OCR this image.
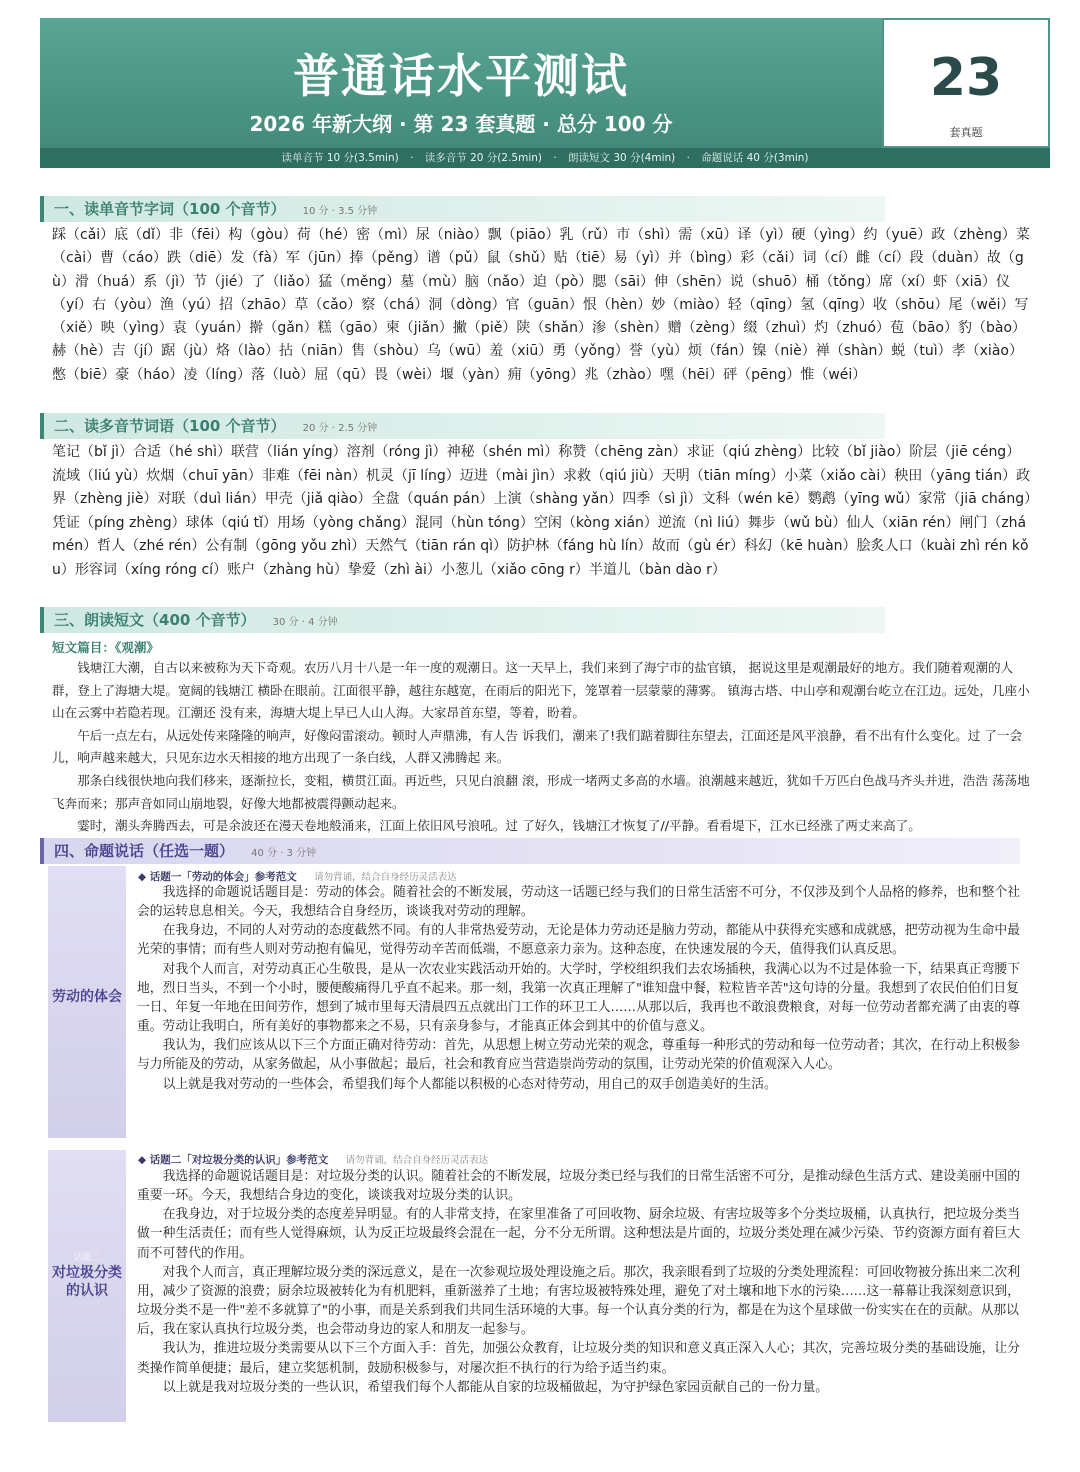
普通话水平测试
2026 年新大纲 · 第 23 套真题 · 总分 100 分
23
套真题
读单音节 10 分(3.5min) · 读多音节 20 分(2.5min) · 朗读短文 30 分(4min) · 命题说话 40 分(3min)
一、读单音节字词（100 个音节） 10 分 · 3.5 分钟
踩（cǎi）底（dǐ）非（fēi）构（gòu）荷（hé）密（mì）尿（niào）飘（piāo）乳（rǔ）市（shì）需（xū）译（yì）硬（yìng）约（yuē）政（zhèng）菜（cài）曹（cáo）跌（diē）发（fà）军（jūn）捧（pěng）谱（pǔ）鼠（shǔ）贴（tiē）易（yì）并（bìng）彩（cǎi）词（cí）雌（cí）段（duàn）故（gù）滑（huá）系（jì）节（jié）了（liǎo）猛（měng）墓（mù）脑（nǎo）迫（pò）腮（sāi）伸（shēn）说（shuō）桶（tǒng）席（xí）虾（xiā）仪（yí）右（yòu）渔（yú）招（zhāo）草（cǎo）察（chá）洞（dòng）官（guān）恨（hèn）妙（miào）轻（qīng）氢（qīng）收（shōu）尾（wěi）写（xiě）映（yìng）袁（yuán）擀（gǎn）糕（gāo）柬（jiǎn）撇（piě）陕（shǎn）渗（shèn）赠（zèng）缀（zhuì）灼（zhuó）苞（bāo）豹（bào）赫（hè）吉（jí）踞（jù）烙（lào）拈（niān）售（shòu）乌（wū）羞（xiū）勇（yǒng）誉（yù）烦（fán）镍（niè）禅（shàn）蜕（tuì）孝（xiào）憋（biē）豪（háo）凌（líng）落（luò）屈（qū）畏（wèi）堰（yàn）痈（yōng）兆（zhào）嘿（hēi）砰（pēng）惟（wéi）
二、读多音节词语（100 个音节） 20 分 · 2.5 分钟
笔记（bǐ jì）合适（hé shì）联营（lián yíng）溶剂（róng jì）神秘（shén mì）称赞（chēng zàn）求证（qiú zhèng）比较（bǐ jiào）阶层（jiē céng）流域（liú yù）炊烟（chuī yān）非难（fēi nàn）机灵（jī líng）迈进（mài jìn）求救（qiú jiù）天明（tiān míng）小菜（xiǎo cài）秧田（yāng tián）政界（zhèng jiè）对联（duì lián）甲壳（jiǎ qiào）全盘（quán pán）上演（shàng yǎn）四季（sì jì）文科（wén kē）鹦鹉（yīng wǔ）家常（jiā cháng）凭证（píng zhèng）球体（qiú tǐ）用场（yòng chǎng）混同（hùn tóng）空闲（kòng xián）逆流（nì liú）舞步（wǔ bù）仙人（xiān rén）闸门（zhá mén）哲人（zhé rén）公有制（gōng yǒu zhì）天然气（tiān rán qì）防护林（fáng hù lín）故而（gù ér）科幻（kē huàn）脍炙人口（kuài zhì rén kǒu）形容词（xíng róng cí）账户（zhàng hù）挚爱（zhì ài）小葱儿（xiǎo cōng r）半道儿（bàn dào r）
三、朗读短文（400 个音节） 30 分 · 4 分钟
短文篇目：《观潮》

钱塘江大潮，自古以来被称为天下奇观。农历八月十八是一年一度的观潮日。这一天早上，我们来到了海宁市的盐官镇， 据说这里是观潮最好的地方。我们随着观潮的人群，登上了海塘大堤。宽阔的钱塘江 横卧在眼前。江面很平静，越往东越宽，在雨后的阳光下，笼罩着一层蒙蒙的薄雾。 镇海古塔、中山亭和观潮台屹立在江边。远处，几座小山在云雾中若隐若现。江潮还 没有来，海塘大堤上早已人山人海。大家昂首东望，等着，盼着。

午后一点左右，从远处传来隆隆的响声，好像闷雷滚动。顿时人声鼎沸，有人告 诉我们，潮来了!我们踮着脚往东望去，江面还是风平浪静，看不出有什么变化。过 了一会儿，响声越来越大，只见东边水天相接的地方出现了一条白线，人群又沸腾起 来。

那条白线很快地向我们移来，逐渐拉长，变粗，横贯江面。再近些，只见白浪翻 滚，形成一堵两丈多高的水墙。浪潮越来越近，犹如千万匹白色战马齐头并进，浩浩 荡荡地飞奔而来；那声音如同山崩地裂，好像大地都被震得颤动起来。

霎时，潮头奔腾西去，可是余波还在漫天卷地般涌来，江面上依旧风号浪吼。过 了好久，钱塘江才恢复了//平静。看看堤下，江水已经涨了两丈来高了。

四、命题说话（任选一题） 40 分 · 3 分钟
劳动的体会
◆ 话题一「劳动的体会」参考范文 请勿背诵，结合自身经历灵活表达

我选择的命题说话题目是：劳动的体会。随着社会的不断发展，劳动这一话题已经与我们的日常生活密不可分，不仅涉及到个人品格的修养，也和整个社会的运转息息相关。今天，我想结合自身经历，谈谈我对劳动的理解。

在我身边，不同的人对劳动的态度截然不同。有的人非常热爱劳动，无论是体力劳动还是脑力劳动，都能从中获得充实感和成就感，把劳动视为生命中最光荣的事情；而有些人则对劳动抱有偏见，觉得劳动辛苦而低端，不愿意亲力亲为。这种态度，在快速发展的今天，值得我们认真反思。

对我个人而言，对劳动真正心生敬畏，是从一次农业实践活动开始的。大学时，学校组织我们去农场插秧，我满心以为不过是体验一下，结果真正弯腰下地，烈日当头，不到一个小时，腰便酸痛得几乎直不起来。那一刻，我第一次真正理解了"谁知盘中餐，粒粒皆辛苦"这句诗的分量。我想到了农民伯伯们日复一日、年复一年地在田间劳作，想到了城市里每天清晨四五点就出门工作的环卫工人……从那以后，我再也不敢浪费粮食，对每一位劳动者都充满了由衷的尊重。劳动让我明白，所有美好的事物都来之不易，只有亲身参与，才能真正体会到其中的价值与意义。

我认为，我们应该从以下三个方面正确对待劳动：首先，从思想上树立劳动光荣的观念，尊重每一种形式的劳动和每一位劳动者；其次，在行动上积极参与力所能及的劳动，从家务做起，从小事做起；最后，社会和教育应当营造崇尚劳动的氛围，让劳动光荣的价值观深入人心。

以上就是我对劳动的一些体会，希望我们每个人都能以积极的心态对待劳动，用自己的双手创造美好的生活。

话题二
对垃圾分类的认识
◆ 话题二「对垃圾分类的认识」参考范文 请勿背诵，结合自身经历灵活表达

我选择的命题说话题目是：对垃圾分类的认识。随着社会的不断发展，垃圾分类已经与我们的日常生活密不可分，是推动绿色生活方式、建设美丽中国的重要一环。今天，我想结合身边的变化，谈谈我对垃圾分类的认识。

在我身边，对于垃圾分类的态度差异明显。有的人非常支持，在家里准备了可回收物、厨余垃圾、有害垃圾等多个分类垃圾桶，认真执行，把垃圾分类当做一种生活责任；而有些人觉得麻烦，认为反正垃圾最终会混在一起，分不分无所谓。这种想法是片面的，垃圾分类处理在减少污染、节约资源方面有着巨大而不可替代的作用。

对我个人而言，真正理解垃圾分类的深远意义，是在一次参观垃圾处理设施之后。那次，我亲眼看到了垃圾的分类处理流程：可回收物被分拣出来二次利用，减少了资源的浪费；厨余垃圾被转化为有机肥料，重新滋养了土地；有害垃圾被特殊处理，避免了对土壤和地下水的污染……这一幕幕让我深刻意识到，垃圾分类不是一件"差不多就算了"的小事，而是关系到我们共同生活环境的大事。每一个认真分类的行为，都是在为这个星球做一份实实在在的贡献。从那以后，我在家认真执行垃圾分类，也会带动身边的家人和朋友一起参与。

我认为，推进垃圾分类需要从以下三个方面入手：首先，加强公众教育，让垃圾分类的知识和意义真正深入人心；其次，完善垃圾分类的基础设施，让分类操作简单便捷；最后，建立奖惩机制，鼓励积极参与，对屡次拒不执行的行为给予适当约束。

以上就是我对垃圾分类的一些认识，希望我们每个人都能从自家的垃圾桶做起，为守护绿色家园贡献自己的一份力量。
